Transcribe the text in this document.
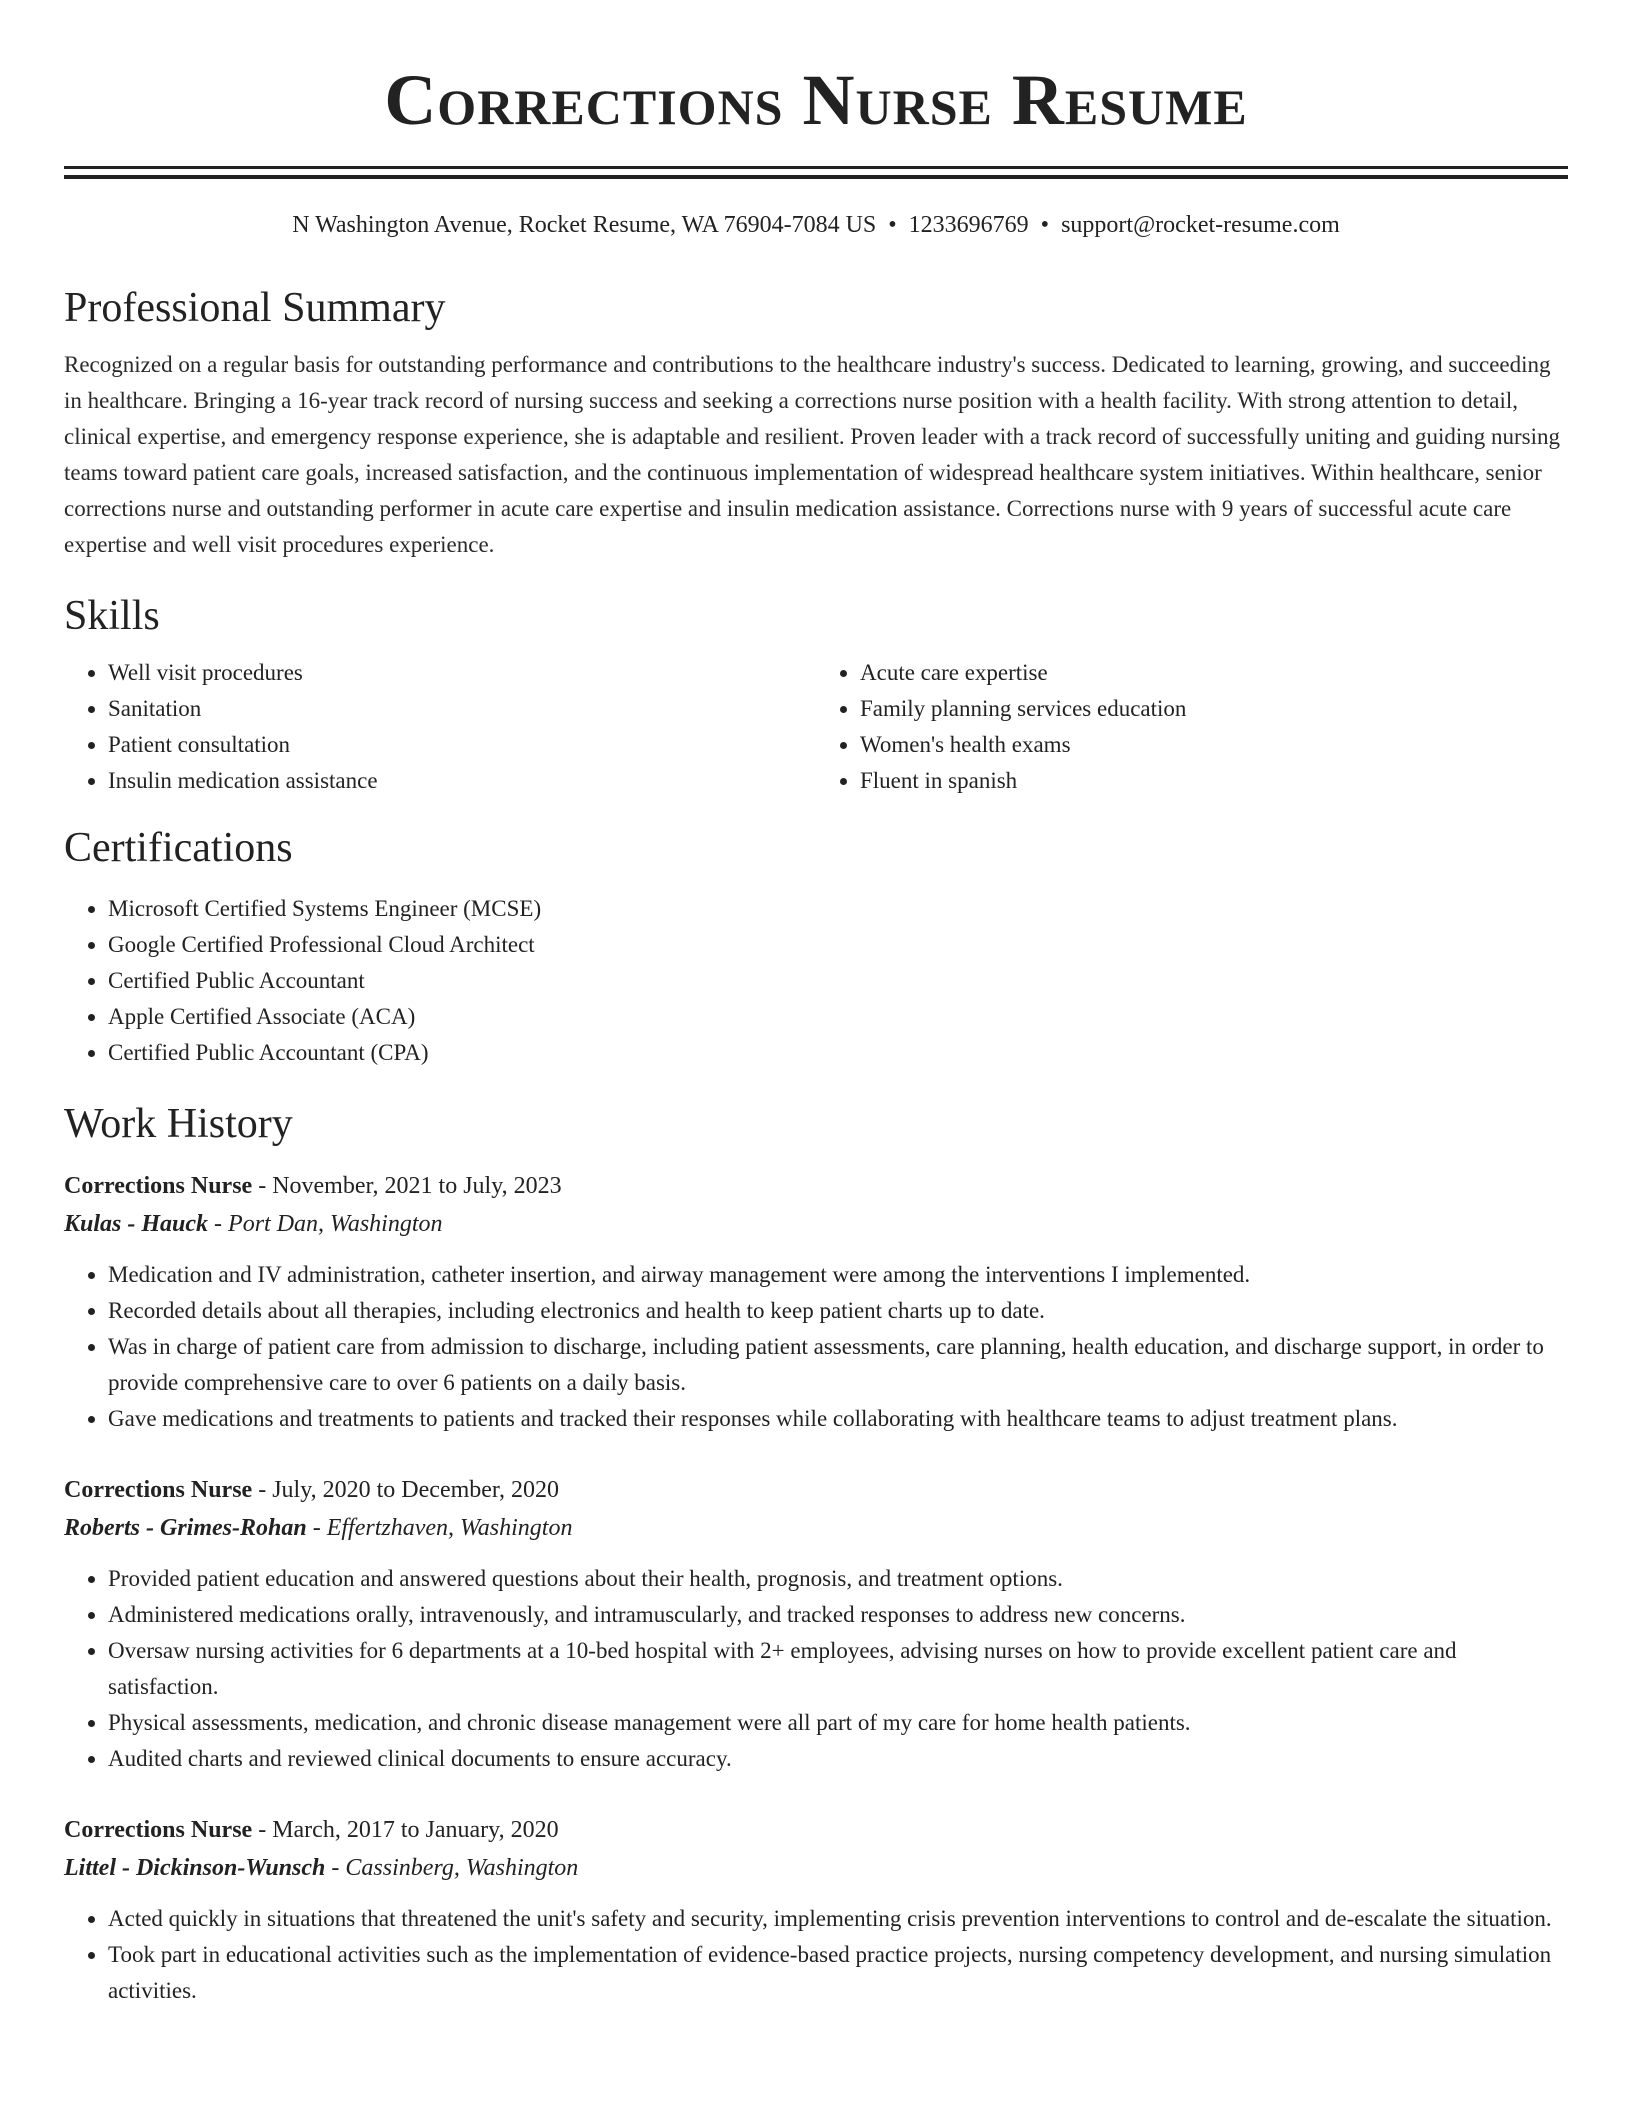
Corrections Nurse Resume
N Washington Avenue, Rocket Resume, WA 76904-7084 US • 1233696769 • support@rocket-resume.com
Professional Summary

Recognized on a regular basis for outstanding performance and contributions to the healthcare industry's success. Dedicated to learning, growing, and succeeding in healthcare. Bringing a 16-year track record of nursing success and seeking a corrections nurse position with a health facility. With strong attention to detail, clinical expertise, and emergency response experience, she is adaptable and resilient. Proven leader with a track record of successfully uniting and guiding nursing teams toward patient care goals, increased satisfaction, and the continuous implementation of widespread healthcare system initiatives. Within healthcare, senior corrections nurse and outstanding performer in acute care expertise and insulin medication assistance. Corrections nurse with 9 years of successful acute care expertise and well visit procedures experience.

Skills
• Well visit procedures
• Sanitation
• Patient consultation
• Insulin medication assistance
• Acute care expertise
• Family planning services education
• Women's health exams
• Fluent in spanish
Certifications
• Microsoft Certified Systems Engineer (MCSE)
• Google Certified Professional Cloud Architect
• Certified Public Accountant
• Apple Certified Associate (ACA)
• Certified Public Accountant (CPA)
Work History
Corrections Nurse - November, 2021 to July, 2023
Kulas - Hauck - Port Dan, Washington
• Medication and IV administration, catheter insertion, and airway management were among the interventions I implemented.
• Recorded details about all therapies, including electronics and health to keep patient charts up to date.
• Was in charge of patient care from admission to discharge, including patient assessments, care planning, health education, and discharge support, in order to provide comprehensive care to over 6 patients on a daily basis.
• Gave medications and treatments to patients and tracked their responses while collaborating with healthcare teams to adjust treatment plans.
Corrections Nurse - July, 2020 to December, 2020
Roberts - Grimes-Rohan - Effertzhaven, Washington
• Provided patient education and answered questions about their health, prognosis, and treatment options.
• Administered medications orally, intravenously, and intramuscularly, and tracked responses to address new concerns.
• Oversaw nursing activities for 6 departments at a 10-bed hospital with 2+ employees, advising nurses on how to provide excellent patient care and satisfaction.
• Physical assessments, medication, and chronic disease management were all part of my care for home health patients.
• Audited charts and reviewed clinical documents to ensure accuracy.
Corrections Nurse - March, 2017 to January, 2020
Littel - Dickinson-Wunsch - Cassinberg, Washington
• Acted quickly in situations that threatened the unit's safety and security, implementing crisis prevention interventions to control and de-escalate the situation.
• Took part in educational activities such as the implementation of evidence-based practice projects, nursing competency development, and nursing simulation activities.
